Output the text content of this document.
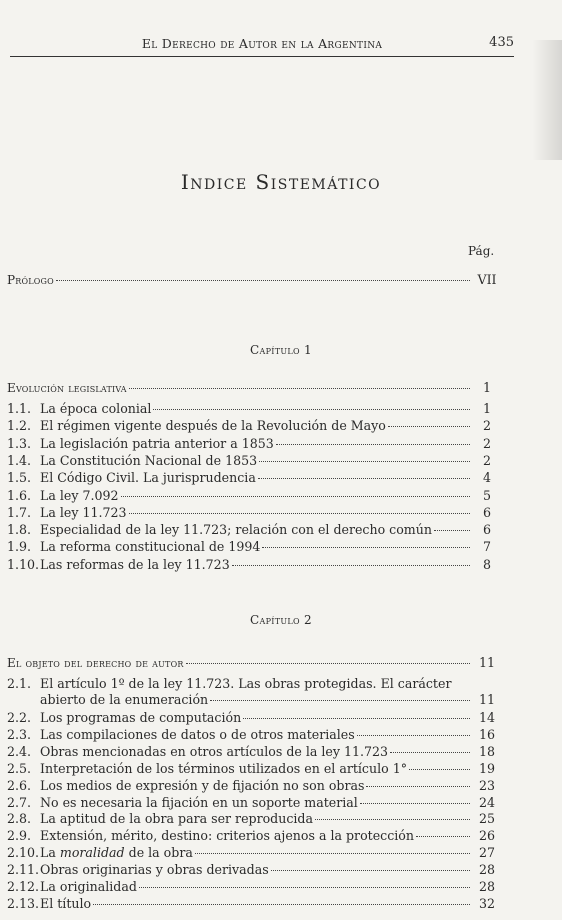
El Derecho de Autor en la Argentina	435
Indice Sistemático
Pág.
Prólogo	VII
Capítulo 1
Evolución legislativa	1
1.1. La época colonial	1
1.2. El régimen vigente después de la Revolución de Mayo	2
1.3. La legislación patria anterior a 1853	2
1.4. La Constitución Nacional de 1853	2
1.5. El Código Civil. La jurisprudencia	4
1.6. La ley 7.092	5
1.7. La ley 11.723	6
1.8. Especialidad de la ley 11.723; relación con el derecho común	6
1.9. La reforma constitucional de 1994	7
1.10. Las reformas de la ley 11.723	8
Capítulo 2
El objeto del derecho de autor	11
2.1. El artículo 1º de la ley 11.723. Las obras protegidas. El carácter
abierto de la enumeración	11
2.2. Los programas de computación	14
2.3. Las compilaciones de datos o de otros materiales	16
2.4. Obras mencionadas en otros artículos de la ley 11.723	18
2.5. Interpretación de los términos utilizados en el artículo 1°	19
2.6. Los medios de expresión y de fijación no son obras	23
2.7. No es necesaria la fijación en un soporte material	24
2.8. La aptitud de la obra para ser reproducida	25
2.9. Extensión, mérito, destino: criterios ajenos a la protección	26
2.10. La moralidad de la obra	27
2.11. Obras originarias y obras derivadas	28
2.12. La originalidad	28
2.13. El título	32
